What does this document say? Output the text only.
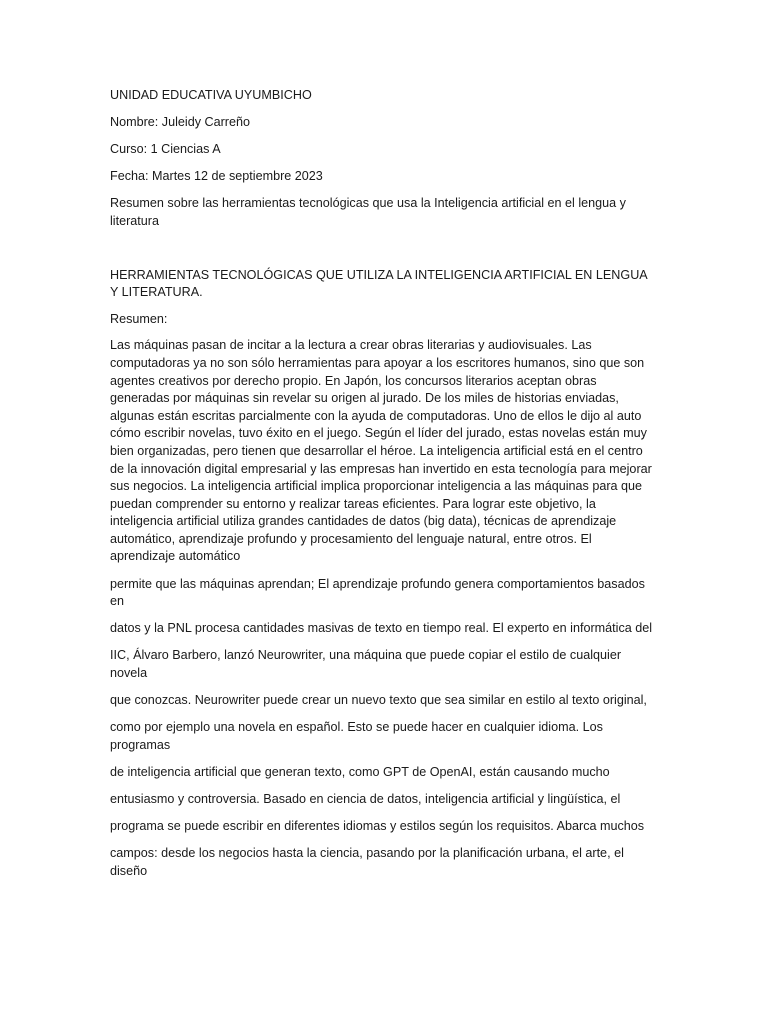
UNIDAD EDUCATIVA UYUMBICHO

Nombre: Juleidy Carreño

Curso: 1 Ciencias A

Fecha: Martes 12 de septiembre 2023

Resumen sobre las herramientas tecnológicas que usa la Inteligencia artificial en el lengua y literatura

HERRAMIENTAS TECNOLÓGICAS QUE UTILIZA LA INTELIGENCIA ARTIFICIAL EN LENGUA Y LITERATURA.

Resumen:

Las máquinas pasan de incitar a la lectura a crear obras literarias y audiovisuales. Las computadoras ya no son sólo herramientas para apoyar a los escritores humanos, sino que son agentes creativos por derecho propio. En Japón, los concursos literarios aceptan obras generadas por máquinas sin revelar su origen al jurado. De los miles de historias enviadas, algunas están escritas parcialmente con la ayuda de computadoras. Uno de ellos le dijo al auto cómo escribir novelas, tuvo éxito en el juego. Según el líder del jurado, estas novelas están muy bien organizadas, pero tienen que desarrollar el héroe. La inteligencia artificial está en el centro de la innovación digital empresarial y las empresas han invertido en esta tecnología para mejorar sus negocios. La inteligencia artificial implica proporcionar inteligencia a las máquinas para que puedan comprender su entorno y realizar tareas eficientes. Para lograr este objetivo, la inteligencia artificial utiliza grandes cantidades de datos (big data), técnicas de aprendizaje automático, aprendizaje profundo y procesamiento del lenguaje natural, entre otros. El aprendizaje automático

permite que las máquinas aprendan; El aprendizaje profundo genera comportamientos basados en

datos y la PNL procesa cantidades masivas de texto en tiempo real. El experto en informática del

IIC, Álvaro Barbero, lanzó Neurowriter, una máquina que puede copiar el estilo de cualquier novela

que conozcas. Neurowriter puede crear un nuevo texto que sea similar en estilo al texto original,

como por ejemplo una novela en español. Esto se puede hacer en cualquier idioma. Los programas

de inteligencia artificial que generan texto, como GPT de OpenAI, están causando mucho

entusiasmo y controversia. Basado en ciencia de datos, inteligencia artificial y lingüística, el

programa se puede escribir en diferentes idiomas y estilos según los requisitos. Abarca muchos

campos: desde los negocios hasta la ciencia, pasando por la planificación urbana, el arte, el diseño
